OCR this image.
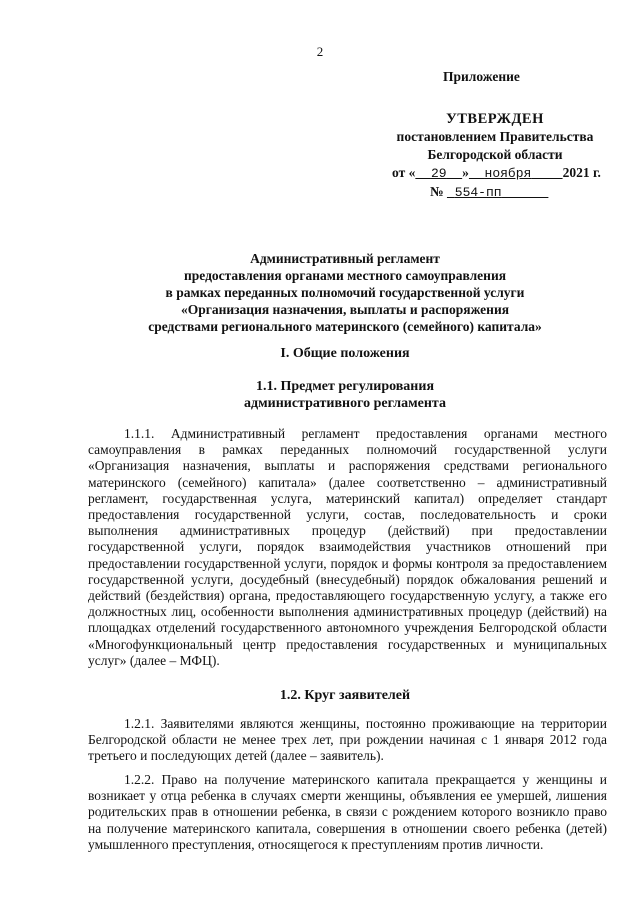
2
Приложение
УТВЕРЖДЕН
постановлением Правительства
Белгородской области
от « 29 » ноября 2021 г.
№ 554-пп
Административный регламент
предоставления органами местного самоуправления
в рамках переданных полномочий государственной услуги
«Организация назначения, выплаты и распоряжения
средствами регионального материнского (семейного) капитала»
I. Общие положения
1.1. Предмет регулирования
административного регламента

1.1.1. Административный регламент предоставления органами местного самоуправления в рамках переданных полномочий государственной услуги «Организация назначения, выплаты и распоряжения средствами регионального материнского (семейного) капитала» (далее соответственно – административный регламент, государственная услуга, материнский капитал) определяет стандарт предоставления государственной услуги, состав, последовательность и сроки выполнения административных процедур (действий) при предоставлении государственной услуги, порядок взаимодействия участников отношений при предоставлении государственной услуги, порядок и формы контроля за предоставлением государственной услуги, досудебный (внесудебный) порядок обжалования решений и действий (бездействия) органа, предоставляющего государственную услугу, а также его должностных лиц, особенности выполнения административных процедур (действий) на площадках отделений государственного автономного учреждения Белгородской области «Многофункциональный центр предоставления государственных и муниципальных услуг» (далее – МФЦ).

1.2. Круг заявителей

1.2.1. Заявителями являются женщины, постоянно проживающие на территории Белгородской области не менее трех лет, при рождении начиная с 1 января 2012 года третьего и последующих детей (далее – заявитель).

1.2.2. Право на получение материнского капитала прекращается у женщины и возникает у отца ребенка в случаях смерти женщины, объявления ее умершей, лишения родительских прав в отношении ребенка, в связи с рождением которого возникло право на получение материнского капитала, совершения в отношении своего ребенка (детей) умышленного преступления, относящегося к преступлениям против личности.
